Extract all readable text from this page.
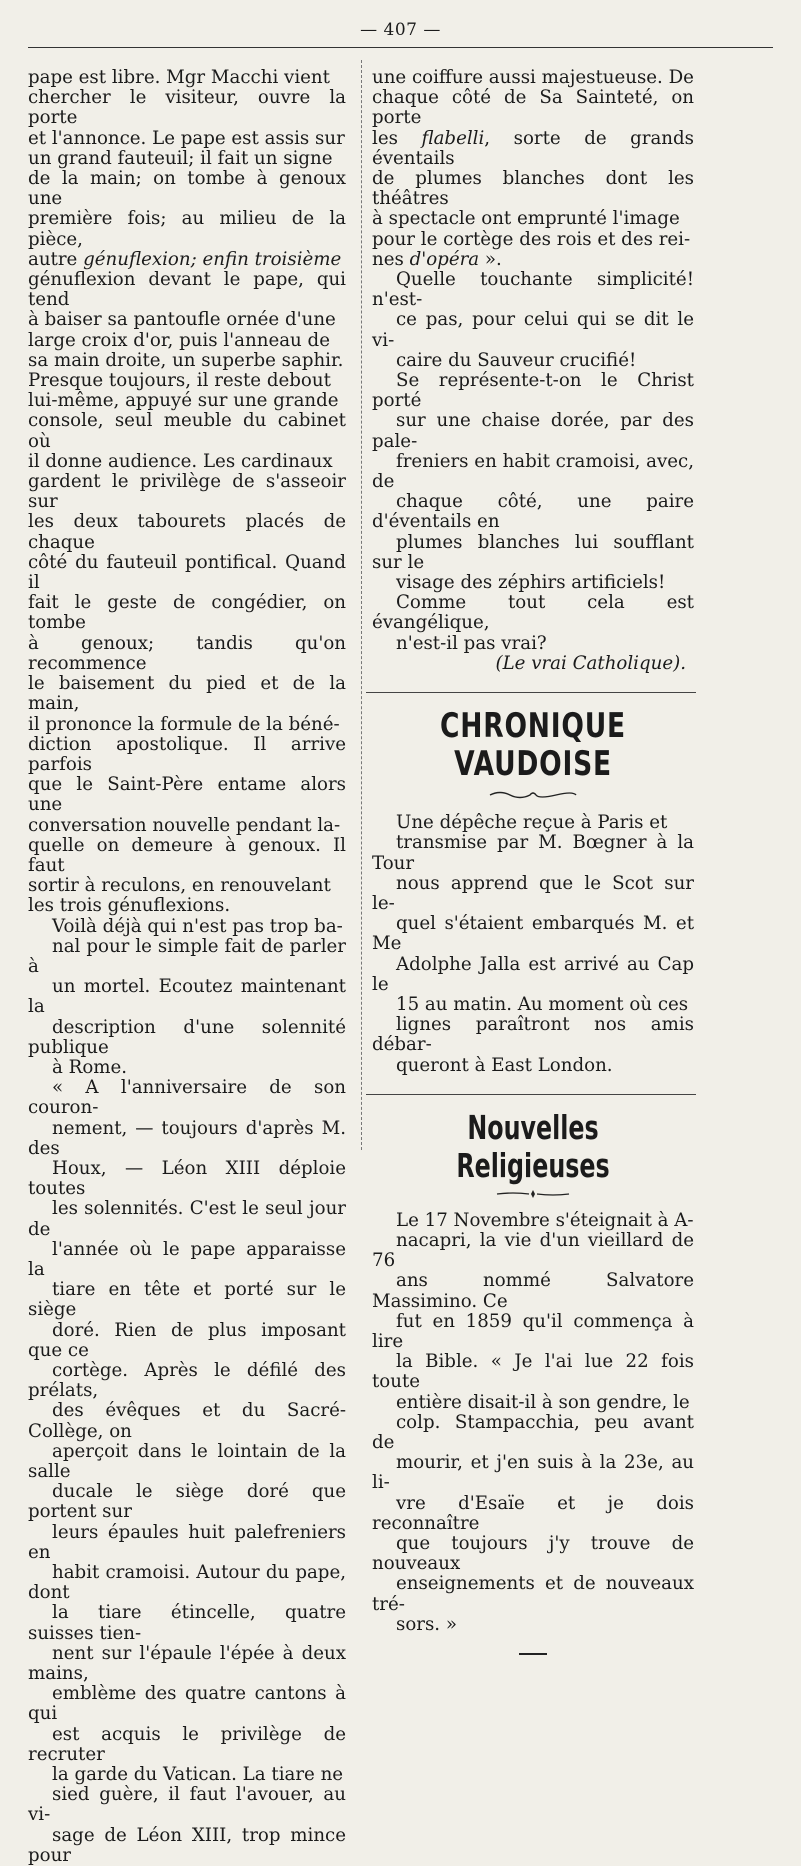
— 407 —

pape est libre. Mgr Macchi vient
chercher le visiteur, ouvre la porte
et l'annonce. Le pape est assis sur
un grand fauteuil; il fait un signe
de la main; on tombe à genoux une
première fois; au milieu de la pièce,
autre génuflexion; enfin troisième
génuflexion devant le pape, qui tend
à baiser sa pantoufle ornée d'une
large croix d'or, puis l'anneau de
sa main droite, un superbe saphir.
Presque toujours, il reste debout
lui-même, appuyé sur une grande
console, seul meuble du cabinet où
il donne audience. Les cardinaux
gardent le privilège de s'asseoir sur
les deux tabourets placés de chaque
côté du fauteuil pontifical. Quand il
fait le geste de congédier, on tombe
à genoux; tandis qu'on recommence
le baisement du pied et de la main,
il prononce la formule de la béné-
diction apostolique. Il arrive parfois
que le Saint-Père entame alors une
conversation nouvelle pendant la-
quelle on demeure à genoux. Il faut
sortir à reculons, en renouvelant
les trois génuflexions.

Voilà déjà qui n'est pas trop ba-
nal pour le simple fait de parler à
un mortel. Ecoutez maintenant la
description d'une solennité publique
à Rome.

« A l'anniversaire de son couron-
nement, — toujours d'après M. des
Houx, — Léon XIII déploie toutes
les solennités. C'est le seul jour de
l'année où le pape apparaisse la
tiare en tête et porté sur le siège
doré. Rien de plus imposant que ce
cortège. Après le défilé des prélats,
des évêques et du Sacré-Collège, on
aperçoit dans le lointain de la salle
ducale le siège doré que portent sur
leurs épaules huit palefreniers en
habit cramoisi. Autour du pape, dont
la tiare étincelle, quatre suisses tien-
nent sur l'épaule l'épée à deux mains,
emblème des quatre cantons à qui
est acquis le privilège de recruter
la garde du Vatican. La tiare ne
sied guère, il faut l'avouer, au vi-
sage de Léon XIII, trop mince pour

une coiffure aussi majestueuse. De
chaque côté de Sa Sainteté, on porte
les flabelli, sorte de grands éventails
de plumes blanches dont les théâtres
à spectacle ont emprunté l'image
pour le cortège des rois et des rei-
nes d'opéra ».

Quelle touchante simplicité! n'est-
ce pas, pour celui qui se dit le vi-
caire du Sauveur crucifié!

Se représente-t-on le Christ porté
sur une chaise dorée, par des pale-
freniers en habit cramoisi, avec, de
chaque côté, une paire d'éventails en
plumes blanches lui soufflant sur le
visage des zéphirs artificiels!

Comme tout cela est évangélique,
n'est-il pas vrai?

(Le vrai Catholique).

CHRONIQUE VAUDOISE

Une dépêche reçue à Paris et
transmise par M. Bœgner à la Tour
nous apprend que le Scot sur le-
quel s'étaient embarqués M. et Me
Adolphe Jalla est arrivé au Cap le
15 au matin. Au moment où ces
lignes paraîtront nos amis débar-
queront à East London.

Nouvelles Religieuses

Le 17 Novembre s'éteignait à A-
nacapri, la vie d'un vieillard de 76
ans nommé Salvatore Massimino. Ce
fut en 1859 qu'il commença à lire
la Bible. « Je l'ai lue 22 fois toute
entière disait-il à son gendre, le
colp. Stampacchia, peu avant de
mourir, et j'en suis à la 23e, au li-
vre d'Esaïe et je dois reconnaître
que toujours j'y trouve de nouveaux
enseignements et de nouveaux tré-
sors. »
